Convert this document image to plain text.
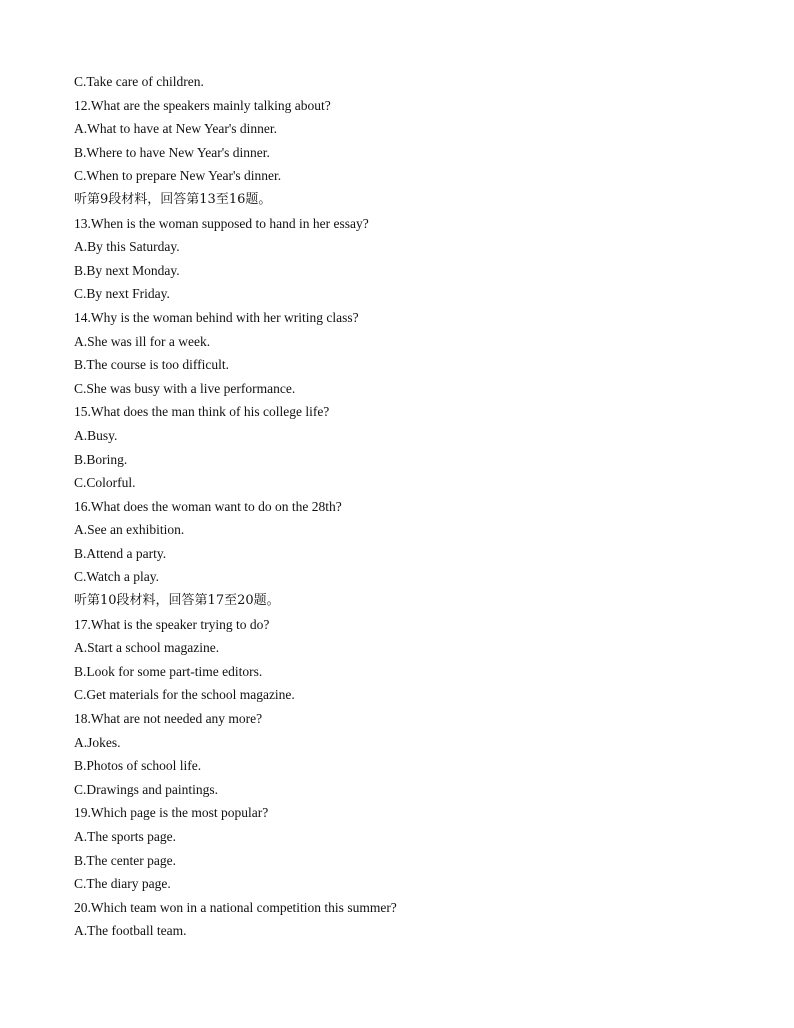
C.Take care of children.
12.What are the speakers mainly talking about?
A.What to have at New Year's dinner.
B.Where to have New Year's dinner.
C.When to prepare New Year's dinner.
听第9段材料，回答第13至16题。
13.When is the woman supposed to hand in her essay?
A.By this Saturday.
B.By next Monday.
C.By next Friday.
14.Why is the woman behind with her writing class?
A.She was ill for a week.
B.The course is too difficult.
C.She was busy with a live performance.
15.What does the man think of his college life?
A.Busy.
B.Boring.
C.Colorful.
16.What does the woman want to do on the 28th?
A.See an exhibition.
B.Attend a party.
C.Watch a play.
听第10段材料，回答第17至20题。
17.What is the speaker trying to do?
A.Start a school magazine.
B.Look for some part-time editors.
C.Get materials for the school magazine.
18.What are not needed any more?
A.Jokes.
B.Photos of school life.
C.Drawings and paintings.
19.Which page is the most popular?
A.The sports page.
B.The center page.
C.The diary page.
20.Which team won in a national competition this summer?
A.The football team.
